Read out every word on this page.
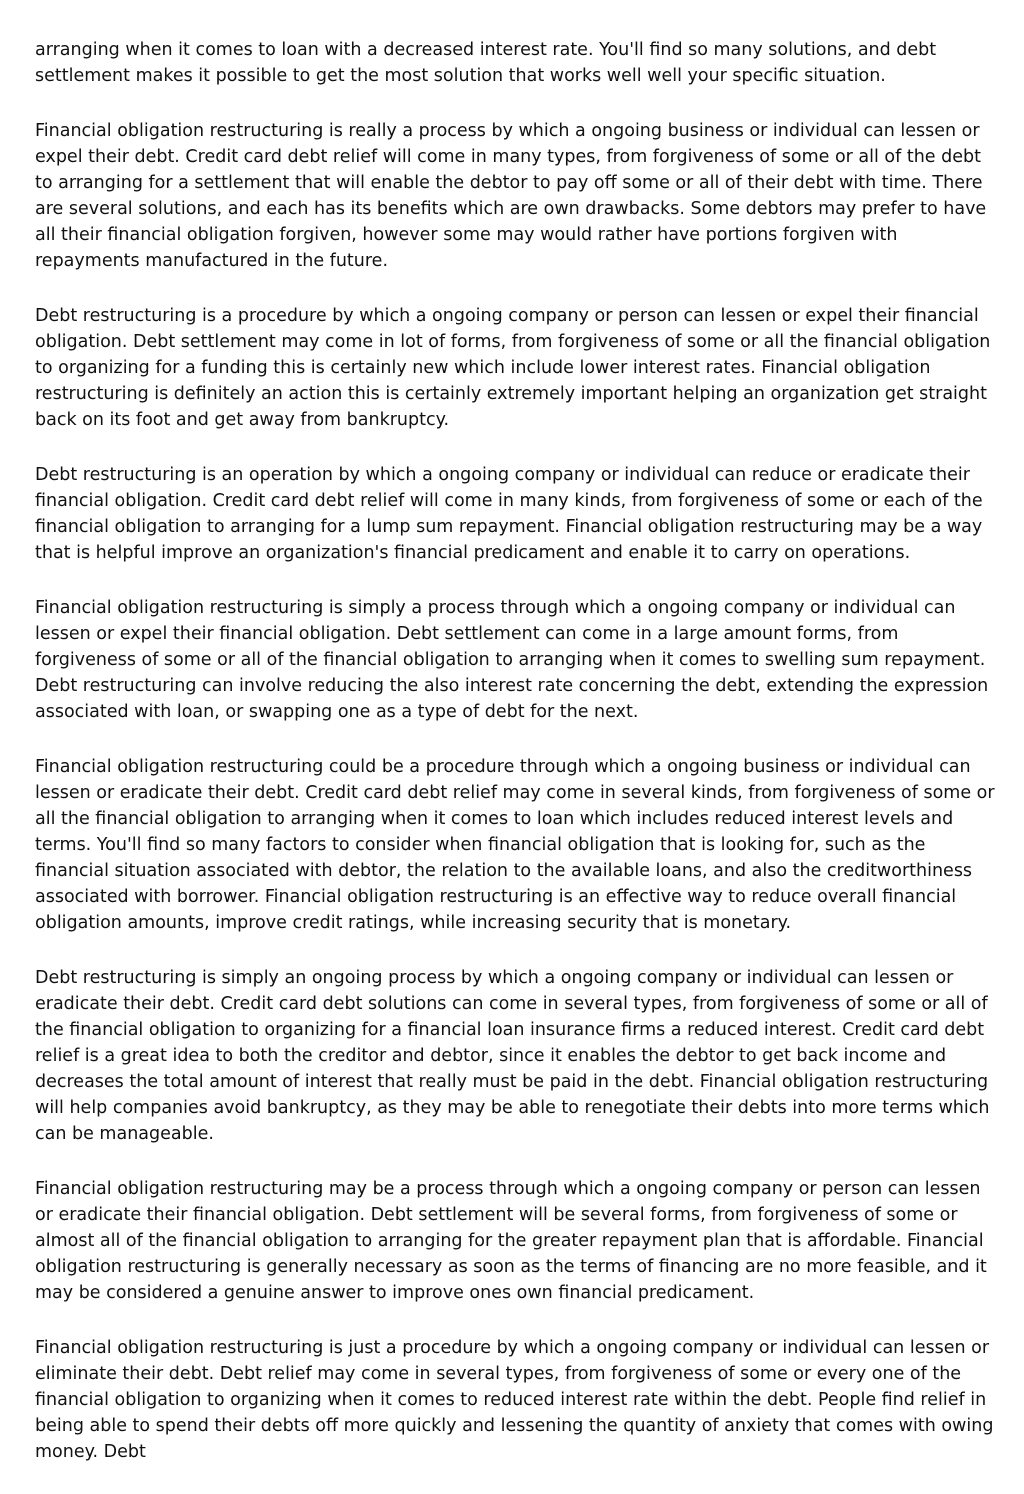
arranging when it comes to loan with a decreased interest rate. You'll find so many solutions, and debt settlement makes it possible to get the most solution that works well well your specific situation.

Financial obligation restructuring is really a process by which a ongoing business or individual can lessen or expel their debt. Credit card debt relief will come in many types, from forgiveness of some or all of the debt to arranging for a settlement that will enable the debtor to pay off some or all of their debt with time. There are several solutions, and each has its benefits which are own drawbacks. Some debtors may prefer to have all their financial obligation forgiven, however some may would rather have portions forgiven with repayments manufactured in the future.

Debt restructuring is a procedure by which a ongoing company or person can lessen or expel their financial obligation. Debt settlement may come in lot of forms, from forgiveness of some or all the financial obligation to organizing for a funding this is certainly new which include lower interest rates. Financial obligation restructuring is definitely an action this is certainly extremely important helping an organization get straight back on its foot and get away from bankruptcy.

Debt restructuring is an operation by which a ongoing company or individual can reduce or eradicate their financial obligation. Credit card debt relief will come in many kinds, from forgiveness of some or each of the financial obligation to arranging for a lump sum repayment. Financial obligation restructuring may be a way that is helpful improve an organization's financial predicament and enable it to carry on operations.

Financial obligation restructuring is simply a process through which a ongoing company or individual can lessen or expel their financial obligation. Debt settlement can come in a large amount forms, from forgiveness of some or all of the financial obligation to arranging when it comes to swelling sum repayment. Debt restructuring can involve reducing the also interest rate concerning the debt, extending the expression associated with loan, or swapping one as a type of debt for the next.

Financial obligation restructuring could be a procedure through which a ongoing business or individual can lessen or eradicate their debt. Credit card debt relief may come in several kinds, from forgiveness of some or all the financial obligation to arranging when it comes to loan which includes reduced interest levels and terms. You'll find so many factors to consider when financial obligation that is looking for, such as the financial situation associated with debtor, the relation to the available loans, and also the creditworthiness associated with borrower. Financial obligation restructuring is an effective way to reduce overall financial obligation amounts, improve credit ratings, while increasing security that is monetary.

Debt restructuring is simply an ongoing process by which a ongoing company or individual can lessen or eradicate their debt. Credit card debt solutions can come in several types, from forgiveness of some or all of the financial obligation to organizing for a financial loan insurance firms a reduced interest. Credit card debt relief is a great idea to both the creditor and debtor, since it enables the debtor to get back income and decreases the total amount of interest that really must be paid in the debt. Financial obligation restructuring will help companies avoid bankruptcy, as they may be able to renegotiate their debts into more terms which can be manageable.

Financial obligation restructuring may be a process through which a ongoing company or person can lessen or eradicate their financial obligation. Debt settlement will be several forms, from forgiveness of some or almost all of the financial obligation to arranging for the greater repayment plan that is affordable. Financial obligation restructuring is generally necessary as soon as the terms of financing are no more feasible, and it may be considered a genuine answer to improve ones own financial predicament.

Financial obligation restructuring is just a procedure by which a ongoing company or individual can lessen or eliminate their debt. Debt relief may come in several types, from forgiveness of some or every one of the financial obligation to organizing when it comes to reduced interest rate within the debt. People find relief in being able to spend their debts off more quickly and lessening the quantity of anxiety that comes with owing money. Debt
